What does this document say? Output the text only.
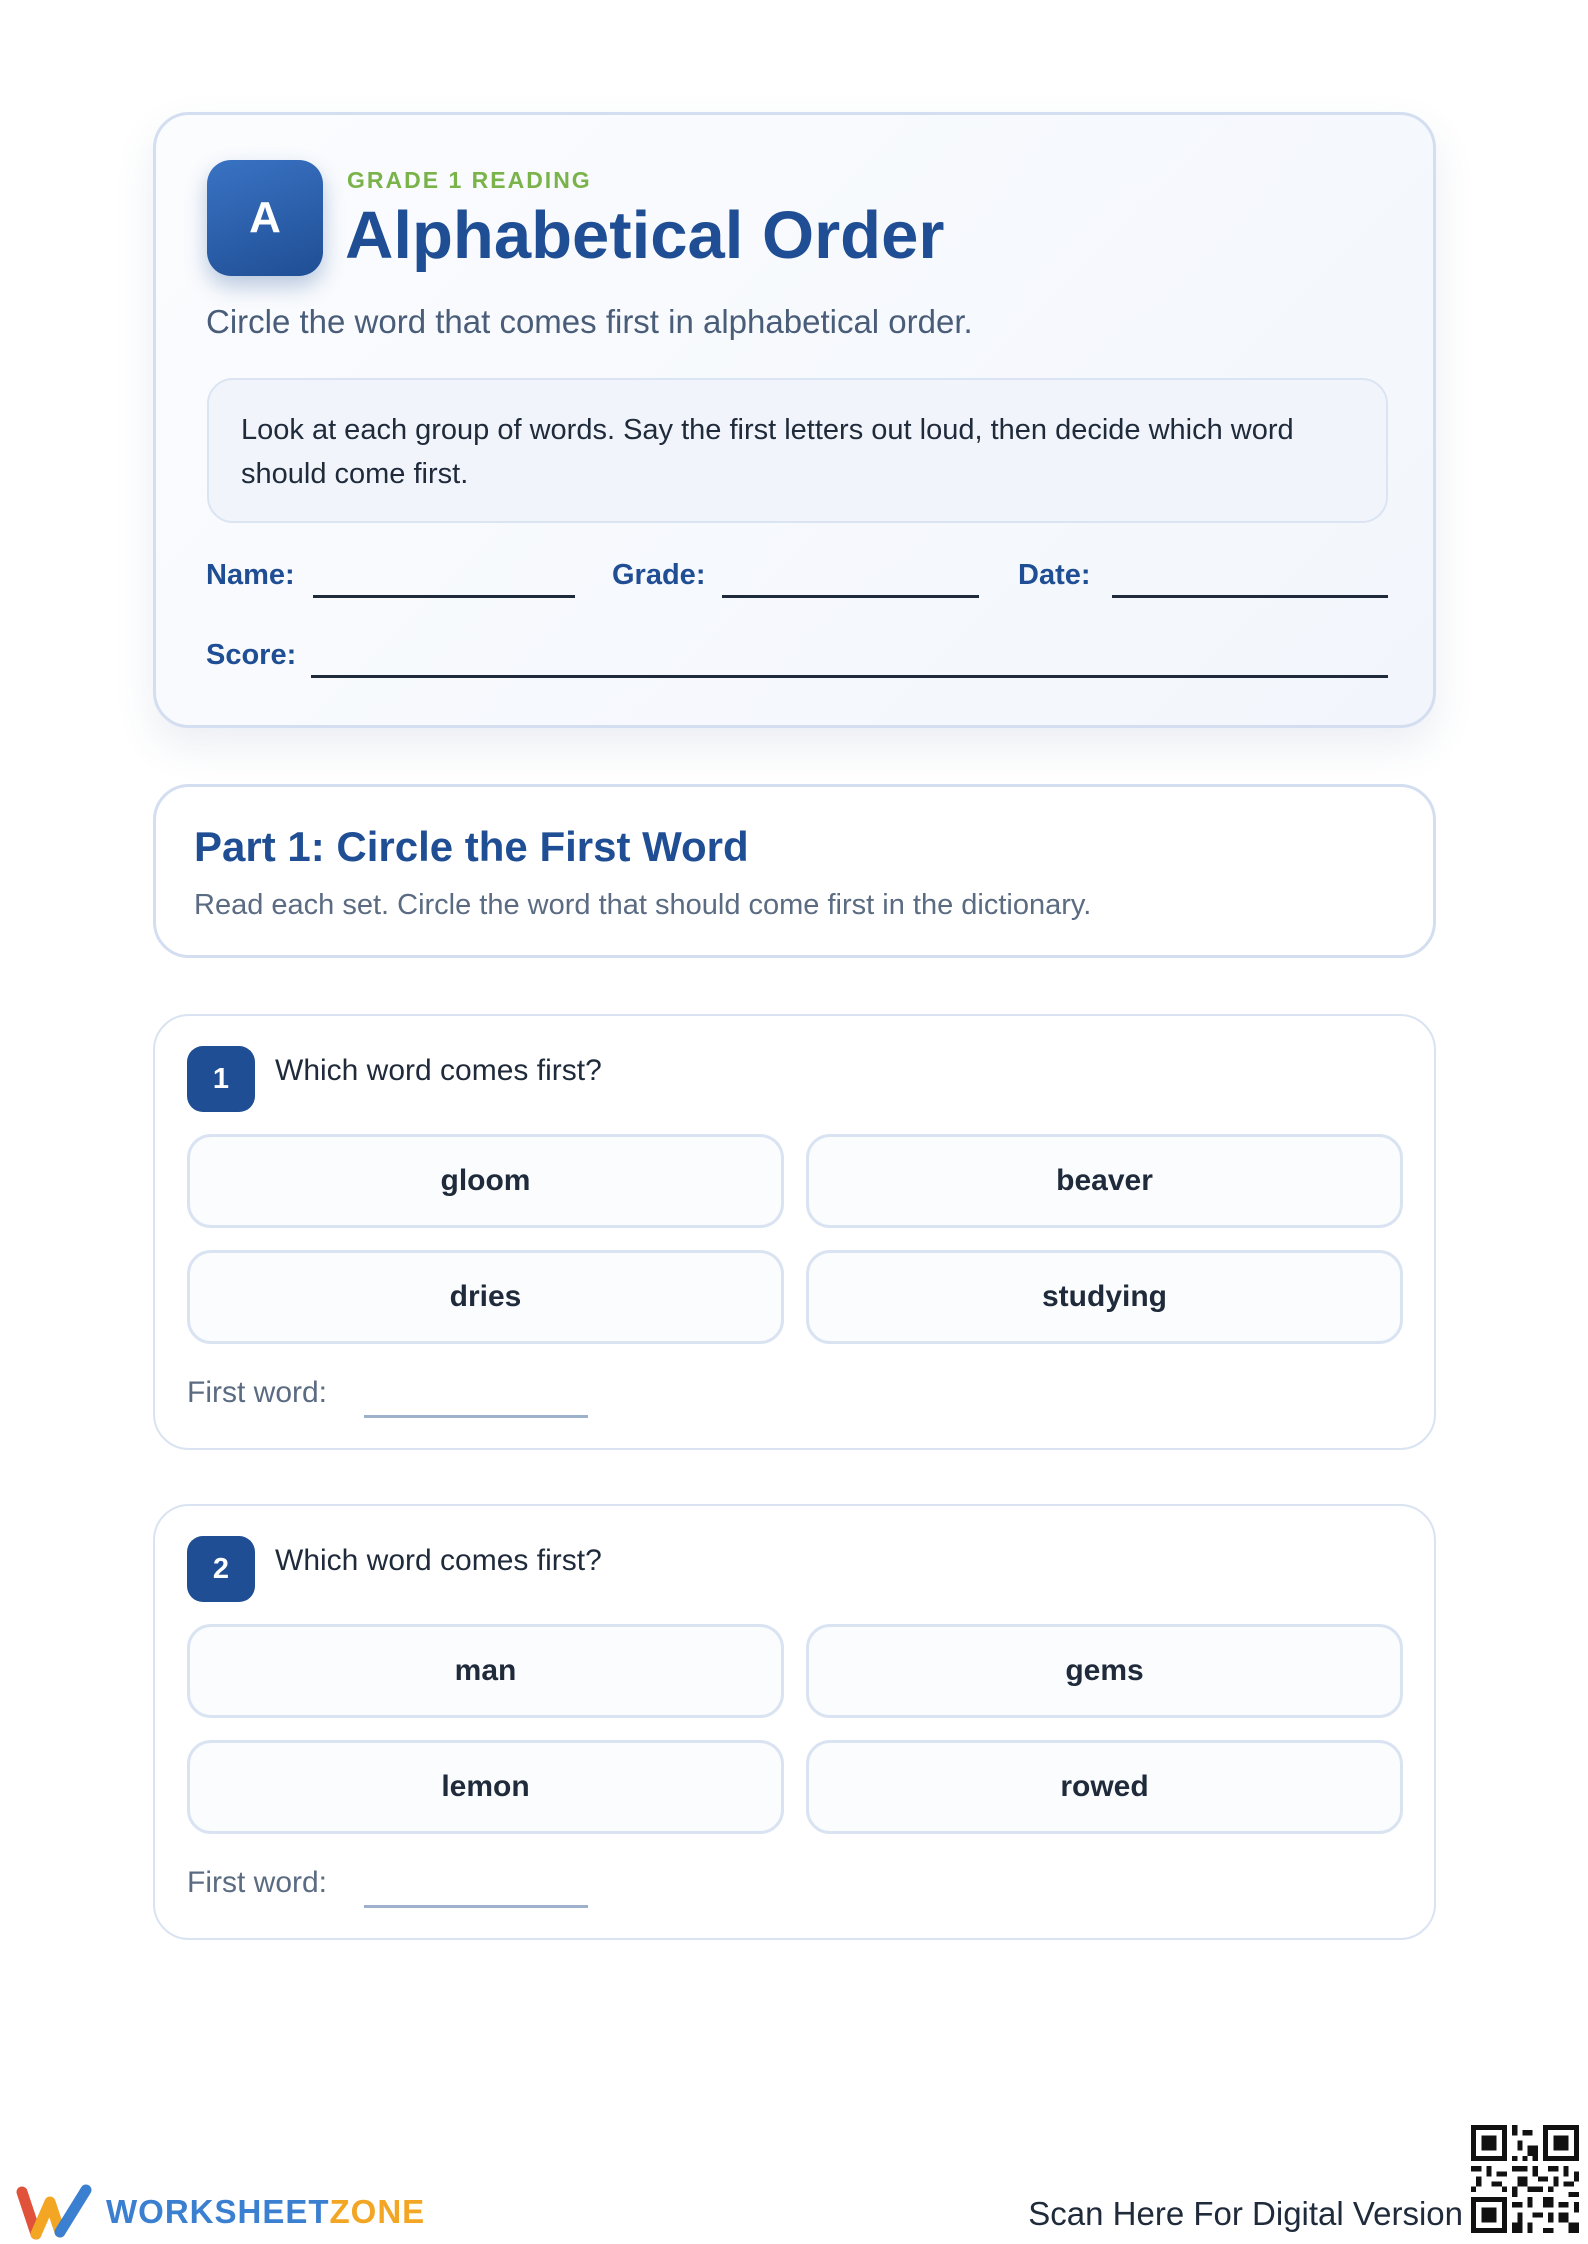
A
GRADE 1 READING
Alphabetical Order
Circle the word that comes first in alphabetical order.
Look at each group of words. Say the first letters out loud, then decide which word should come first.
Name:	Grade:	Date:
Score:
Part 1: Circle the First Word
Read each set. Circle the word that should come first in the dictionary.
1 Which word comes first?
gloom	beaver
dries	studying
First word:
2 Which word comes first?
man	gems
lemon	rowed
First word:
WORKSHEETZONE	Scan Here For Digital Version
